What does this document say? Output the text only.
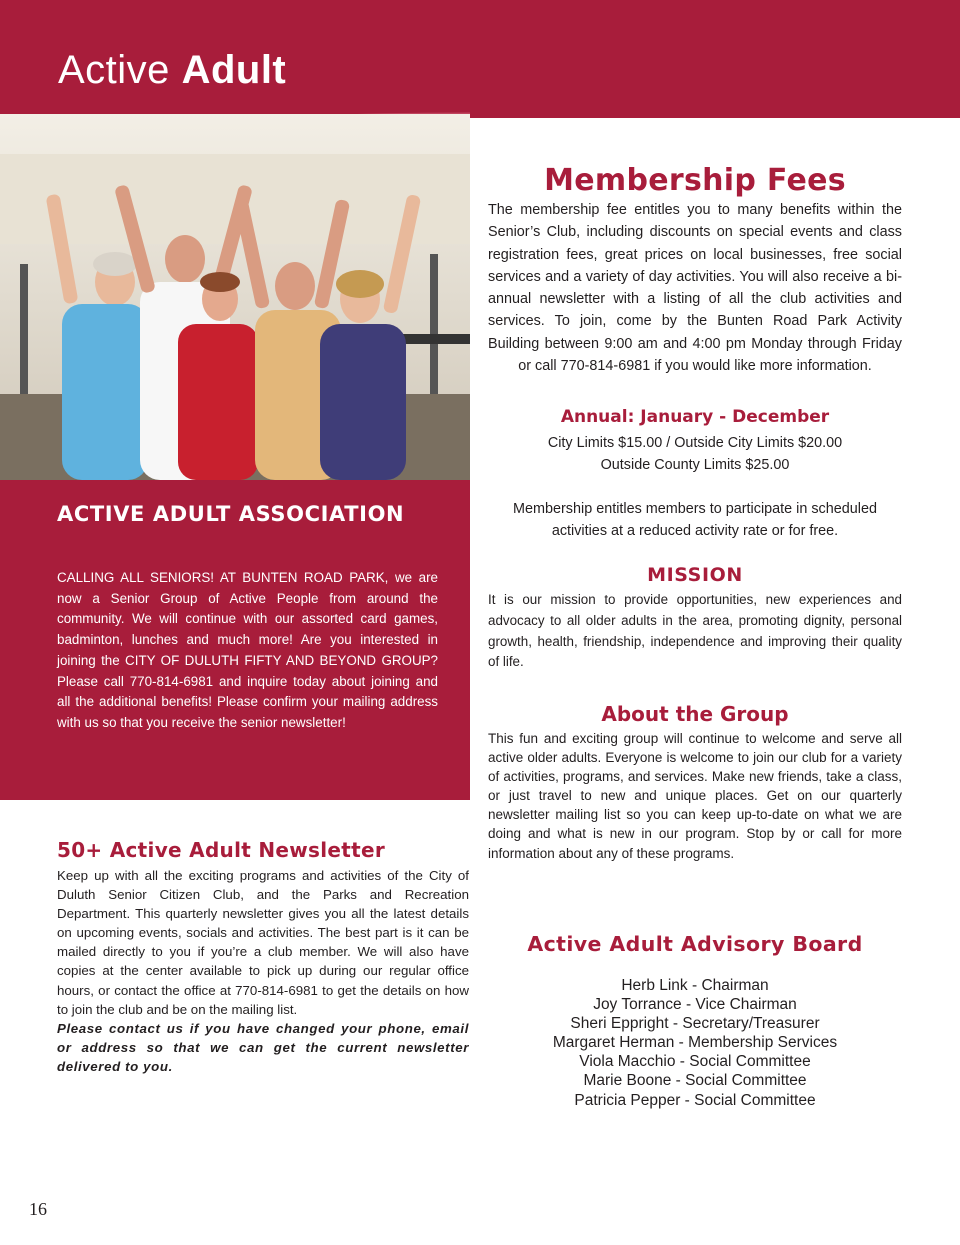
Active Adult
ACTIVE ADULT ASSOCIATION

CALLING ALL SENIORS! AT BUNTEN ROAD PARK, we are now a Senior Group of Active People from around the community. We will continue with our assorted card games, badminton, lunches and much more! Are you interested in joining the CITY OF DULUTH FIFTY AND BEYOND GROUP? Please call 770-814-6981 and inquire today about joining and all the additional benefits! Please confirm your mailing address with us so that you receive the senior newsletter!

50+ Active Adult Newsletter

Keep up with all the exciting programs and activities of the City of Duluth Senior Citizen Club, and the Parks and Recreation Department. This quarterly newsletter gives you all the latest details on upcoming events, socials and activities. The best part is it can be mailed directly to you if you’re a club member. We will also have copies at the center available to pick up during our regular office hours, or contact the office at 770-814-6981 to get the details on how to join the club and be on the mailing list.

Please contact us if you have changed your phone, email or address so that we can get the current newsletter delivered to you.

Membership Fees
The membership fee entitles you to many benefits within the Senior’s Club, including discounts on special events and class registration fees, great prices on local businesses, free social services and a variety of day activities. You will also receive a bi-annual newsletter with a listing of all the club activities and services. To join, come by the Bunten Road Park Activity Building between 9:00 am and 4:00 pm Monday through Friday or call 770-814-6981 if you would like more information.
Annual: January - December
City Limits $15.00 / Outside City Limits $20.00
Outside County Limits $25.00
Membership entitles members to participate in scheduled activities at a reduced activity rate or for free.
MISSION
It is our mission to provide opportunities, new experiences and advocacy to all older adults in the area, promoting dignity, personal growth, health, friendship, independence and improving their quality of life.
About the Group
This fun and exciting group will continue to welcome and serve all active older adults. Everyone is welcome to join our club for a variety of activities, programs, and services. Make new friends, take a class, or just travel to new and unique places. Get on our quarterly newsletter mailing list so you can keep up-to-date on what we are doing and what is new in our program. Stop by or call for more information about any of these programs.
Active Adult Advisory Board
Herb Link - Chairman
Joy Torrance - Vice Chairman
Sheri Eppright - Secretary/Treasurer
Margaret Herman - Membership Services
Viola Macchio - Social Committee
Marie Boone - Social Committee
Patricia Pepper - Social Committee
16
